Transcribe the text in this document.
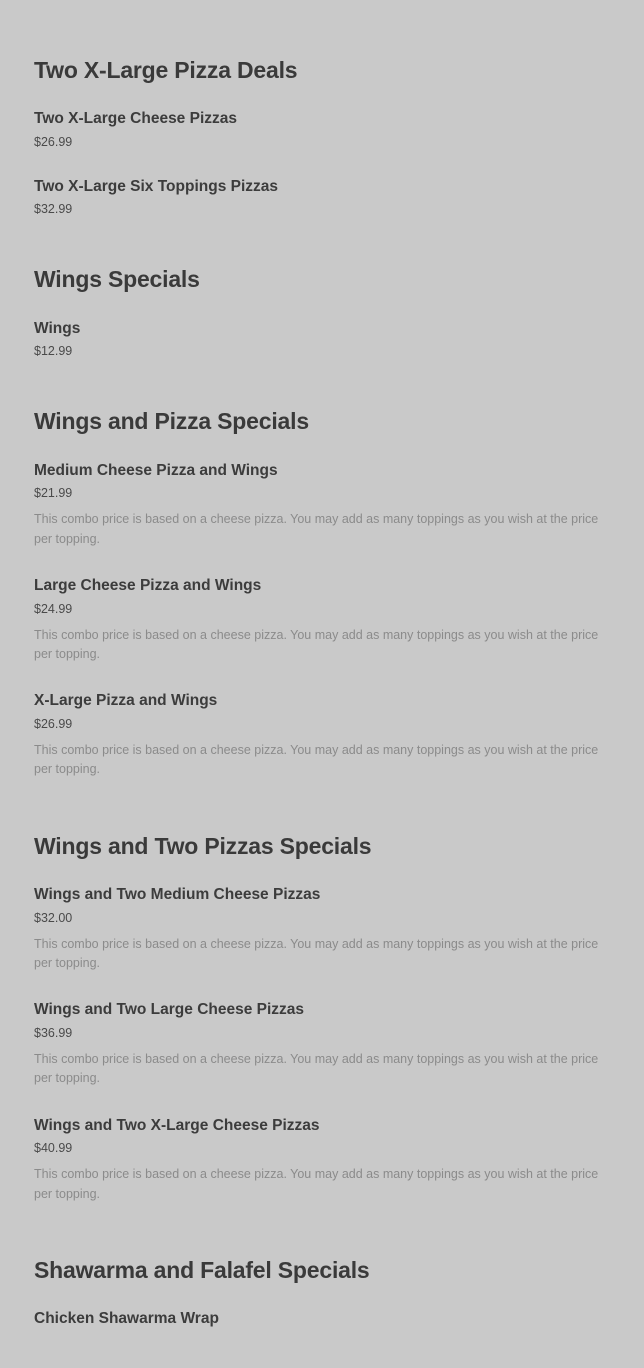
Two X-Large Pizza Deals
Two X-Large Cheese Pizzas
$26.99
Two X-Large Six Toppings Pizzas
$32.99
Wings Specials
Wings
$12.99
Wings and Pizza Specials
Medium Cheese Pizza and Wings
$21.99
This combo price is based on a cheese pizza. You may add as many toppings as you wish at the price per topping.
Large Cheese Pizza and Wings
$24.99
This combo price is based on a cheese pizza. You may add as many toppings as you wish at the price per topping.
X-Large Pizza and Wings
$26.99
This combo price is based on a cheese pizza. You may add as many toppings as you wish at the price per topping.
Wings and Two Pizzas Specials
Wings and Two Medium Cheese Pizzas
$32.00
This combo price is based on a cheese pizza. You may add as many toppings as you wish at the price per topping.
Wings and Two Large Cheese Pizzas
$36.99
This combo price is based on a cheese pizza. You may add as many toppings as you wish at the price per topping.
Wings and Two X-Large Cheese Pizzas
$40.99
This combo price is based on a cheese pizza. You may add as many toppings as you wish at the price per topping.
Shawarma and Falafel Specials
Chicken Shawarma Wrap
